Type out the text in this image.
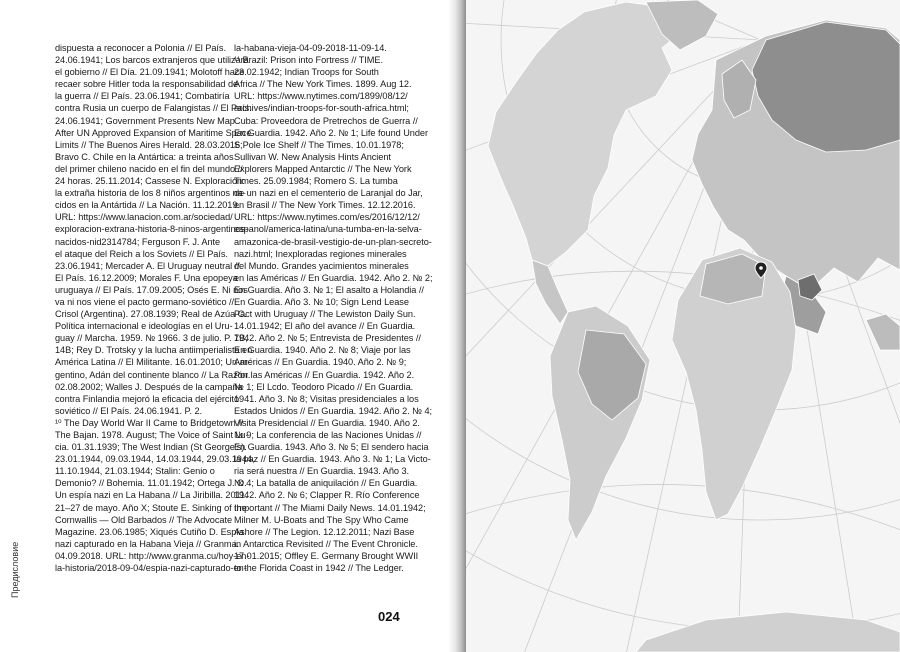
dispuesta a reconocer a Polonia // El País.

24.06.1941; Los barcos extranjeros que utilizará

el gobierno // El Día. 21.09.1941; Molotoff hace

recaer sobre Hitler toda la responsabilidad de

la guerra // El País. 23.06.1941; Combatiría

contra Rusia un cuerpo de Falangistas // El País.

24.06.1941; Government Presents New Map

After UN Approved Expansion of Maritime Space

Limits // The Buenos Aires Herald. 28.03.2016;

Bravo C. Chile en la Antártica: a treinta años

del primer chileno nacido en el fin del mundo //

24 horas. 25.11.2014; Cassese N. Exploración:

la extraña historia de los 8 niños argentinos na-

cidos en la Antártida // La Nación. 11.12.2019.

URL: https://www.lanacion.com.ar/sociedad/

exploracion-extrana-historia-8-ninos-argentinos-

nacidos-nid2314784; Ferguson F. J. Ante

el ataque del Reich a los Soviets // El País.

23.06.1941; Mercader A. El Uruguay neutral //

El País. 16.12.2009; Morales F. Una epopeya

uruguaya // El País. 17.09.2005; Osés E. Ni nos

va ni nos viene el pacto germano-soviético //

Crisol (Argentina). 27.08.1939; Real de Azúa C.

Política internacional e ideologías en el Uru-

guay // Marcha. 1959. № 1966. 3 de julio. P. 7B,

14B; Rey D. Trotsky y la lucha antiimperialista en

América Latina // El Militante. 16.01.2010; Un ar-

gentino, Adán del continente blanco // La Razón.

02.08.2002; Walles J. Después de la campaña

contra Finlandia mejoró la eficacia del ejército

soviético // El País. 24.06.1941. P. 2.

¹⁰ The Day World War II Came to Bridgetown //

The Bajan. 1978. August; The Voice of Saint Lu-

cia. 01.31.1939; The West Indian (St George’s).

23.01.1944, 09.03.1944, 14.03.1944, 29.03.1944,

11.10.1944, 21.03.1944; Stalin: Genio o

Demonio? // Bohemia. 11.01.1942; Ortega J. O.

Un espía nazi en La Habana // La Jiribilla. 2011.

21–27 de mayo. Año X; Stoute E. Sinking of the

Cornwallis — Old Barbados // The Advocate

Magazine. 23.06.1985; Xiqués Cutiño D. Espía

nazi capturado en la Habana Vieja // Granma.

04.09.2018. URL: http://www.granma.cu/hoy-en-

la-historia/2018-09-04/espia-nazi-capturado-en-

la-habana-vieja-04-09-2018-11-09-14.

¹¹ Brazil: Prison into Fortress // TIME.

23.02.1942; Indian Troops for South

Africa // The New York Times. 1899. Aug 12.

URL: https://www.nytimes.com/1899/08/12/

archives/indian-troops-for-south-africa.html;

Cuba: Proveedora de Pretrechos de Guerra //

En Guardia. 1942. Año 2. № 1; Life found Under

S Pole Ice Shelf // The Times. 10.01.1978;

Sullivan W. New Analysis Hints Ancient

Explorers Mapped Antarctic // The New York

Times. 25.09.1984; Romero S. La tumba

de un nazi en el cementerio de Laranjal do Jar,

en Brasil // The New York Times. 12.12.2016.

URL: https://www.nytimes.com/es/2016/12/12/

espanol/america-latina/una-tumba-en-la-selva-

amazonica-de-brasil-vestigio-de-un-plan-secreto-

nazi.html; Inexploradas regiones minerales

del Mundo. Grandes yacimientos minerales

en las Américas // En Guardia. 1942. Año 2. № 2;

En Guardia. Año 3. № 1; El asalto a Holandia //

En Guardia. Año 3. № 10; Sign Lend Lease

Pact with Uruguay // The Lewiston Daily Sun.

14.01.1942; El año del avance // En Guardia.

1942. Año 2. № 5; Entrevista de Presidentes //

En Guardia. 1940. Año 2. № 8; Viaje por las

Américas // En Guardia. 1940. Año 2. № 9;

Por las Américas // En Guardia. 1942. Año 2.

№ 1; El Lcdo. Teodoro Picado // En Guardia.

1941. Año 3. № 8; Visitas presidenciales a los

Estados Unidos // En Guardia. 1942. Año 2. № 4;

Visita Presidencial // En Guardia. 1940. Año 2.

№ 9; La conferencia de las Naciones Unidas //

En Guardia. 1943. Año 3. № 5; El sendero hacia

la paz // En Guardia. 1943. Año 3. № 1; La Victo-

ria será nuestra // En Guardia. 1943. Año 3.

№ 4; La batalla de aniquilación // En Guardia.

1942. Año 2. № 6; Clapper R. Río Conference

Important // The Miami Daily News. 14.01.1942;

Milner M. U-Boats and The Spy Who Came

Ashore // The Legion. 12.12.2011; Nazi Base

in Antarctica Revisited // The Event Chronicle.

17.01.2015; Offley E. Germany Brought WWII

to the Florida Coast in 1942 // The Ledger.

Предисловие
024
